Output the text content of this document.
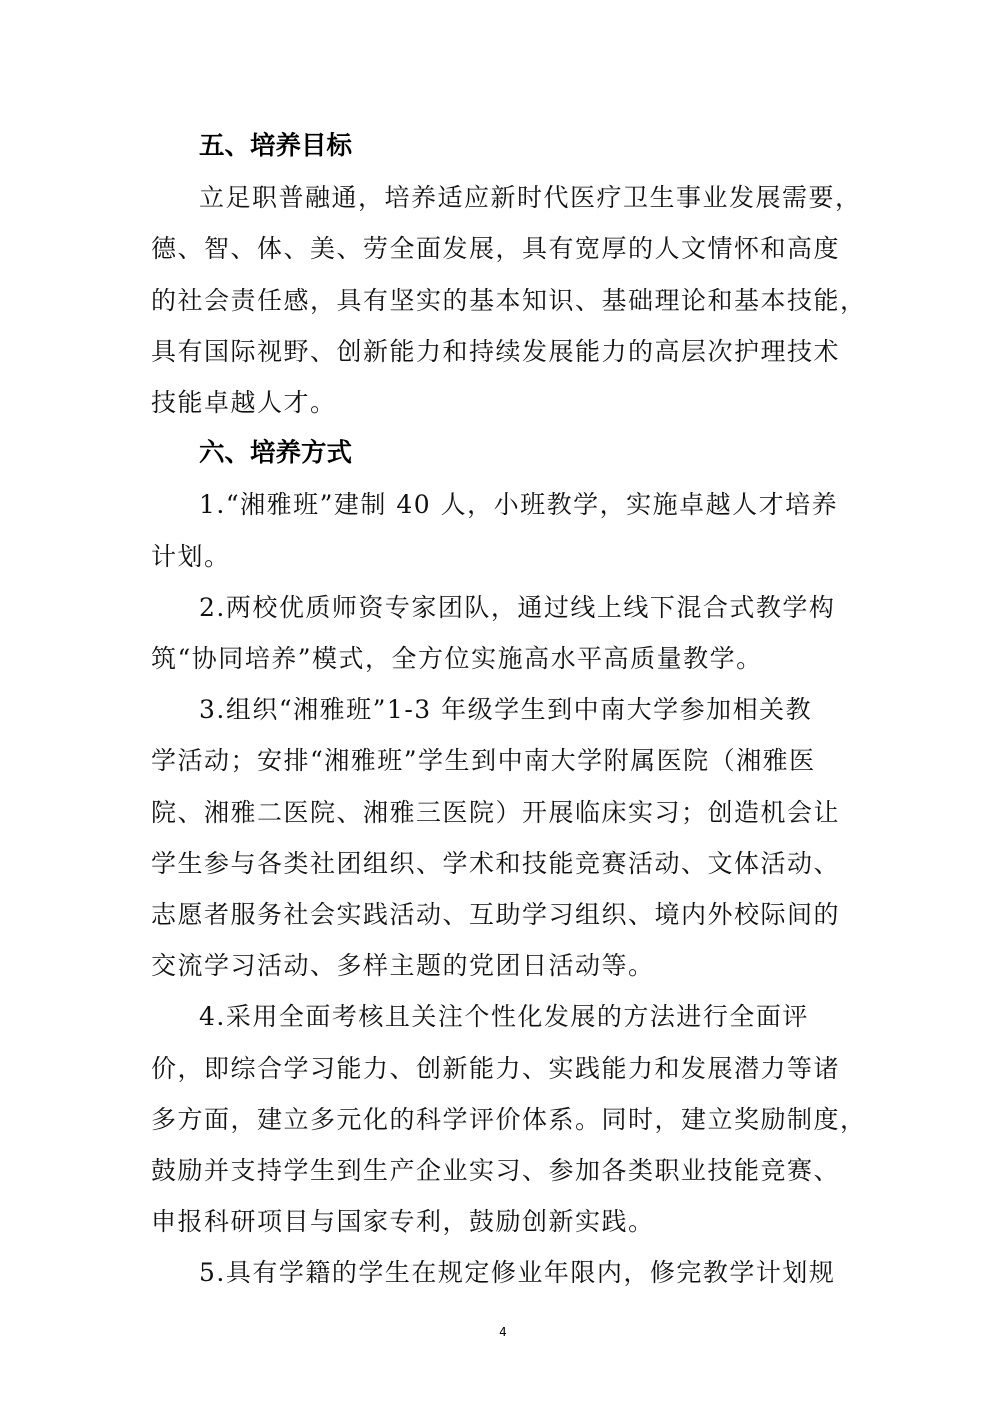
五、培养目标
立足职普融通，培养适应新时代医疗卫生事业发展需要，
德、智、体、美、劳全面发展，具有宽厚的人文情怀和高度
的社会责任感，具有坚实的基本知识、基础理论和基本技能，
具有国际视野、创新能力和持续发展能力的高层次护理技术
技能卓越人才。
六、培养方式
1.“湘雅班”建制 40 人，小班教学，实施卓越人才培养
计划。
2.两校优质师资专家团队，通过线上线下混合式教学构
筑“协同培养”模式，全方位实施高水平高质量教学。
3.组织“湘雅班”1-3 年级学生到中南大学参加相关教
学活动；安排“湘雅班”学生到中南大学附属医院（湘雅医
院、湘雅二医院、湘雅三医院）开展临床实习；创造机会让
学生参与各类社团组织、学术和技能竞赛活动、文体活动、
志愿者服务社会实践活动、互助学习组织、境内外校际间的
交流学习活动、多样主题的党团日活动等。
4.采用全面考核且关注个性化发展的方法进行全面评
价，即综合学习能力、创新能力、实践能力和发展潜力等诸
多方面，建立多元化的科学评价体系。同时，建立奖励制度，
鼓励并支持学生到生产企业实习、参加各类职业技能竞赛、
申报科研项目与国家专利，鼓励创新实践。
5.具有学籍的学生在规定修业年限内，修完教学计划规
4
